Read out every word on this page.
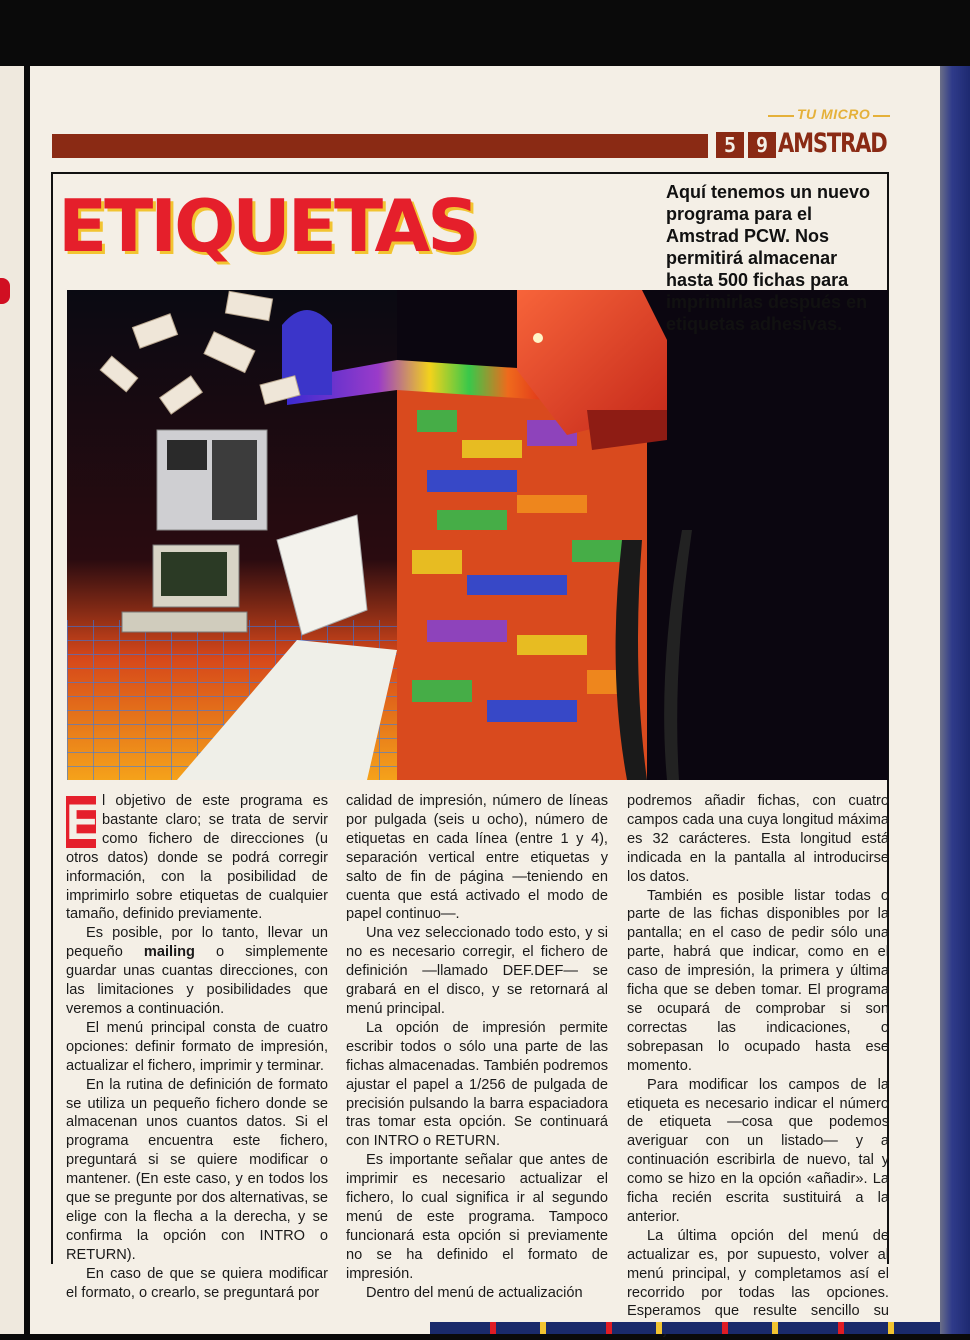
TU MICRO
5 9 AMSTRAD
ETIQUETAS	Aquí tenemos un nuevo programa para el Amstrad PCW. Nos permitirá almacenar hasta 500 fichas para imprimirlas después en etiquetas adhesivas.

E l objetivo de este programa es bastante claro; se trata de servir como fichero de direcciones (u otros datos) donde se podrá corregir información, con la posibilidad de imprimirlo sobre etiquetas de cualquier tamaño, definido previamente.

Es posible, por lo tanto, llevar un pequeño mailing o simplemente guardar unas cuantas direcciones, con las limitaciones y posibilidades que veremos a continuación.

El menú principal consta de cuatro opciones: definir formato de impresión, actualizar el fichero, imprimir y terminar.

En la rutina de definición de formato se utiliza un pequeño fichero donde se almacenan unos cuantos datos. Si el programa encuentra este fichero, preguntará si se quiere modificar o mantener. (En este caso, y en todos los que se pregunte por dos alternativas, se elige con la flecha a la derecha, y se confirma la opción con INTRO o RETURN).

En caso de que se quiera modificar el formato, o crearlo, se preguntará por

calidad de impresión, número de líneas por pulgada (seis u ocho), número de etiquetas en cada línea (entre 1 y 4), separación vertical entre etiquetas y salto de fin de página —teniendo en cuenta que está activado el modo de papel continuo—.

Una vez seleccionado todo esto, y si no es necesario corregir, el fichero de definición —llamado DEF.DEF— se grabará en el disco, y se retornará al menú principal.

La opción de impresión permite escribir todos o sólo una parte de las fichas almacenadas. También podremos ajustar el papel a 1/256 de pulgada de precisión pulsando la barra espaciadora tras tomar esta opción. Se continuará con INTRO o RETURN.

Es importante señalar que antes de imprimir es necesario actualizar el fichero, lo cual significa ir al segundo menú de este programa. Tampoco funcionará esta opción si previamente no se ha definido el formato de impresión.

Dentro del menú de actualización

podremos añadir fichas, con cuatro campos cada una cuya longitud máxima es 32 carácteres. Esta longitud está indicada en la pantalla al introducirse los datos.

También es posible listar todas o parte de las fichas disponibles por la pantalla; en el caso de pedir sólo una parte, habrá que indicar, como en el caso de impresión, la primera y última ficha que se deben tomar. El programa se ocupará de comprobar si son correctas las indicaciones, o sobrepasan lo ocupado hasta ese momento.

Para modificar los campos de la etiqueta es necesario indicar el número de etiqueta —cosa que podemos averiguar con un listado— y a continuación escribirla de nuevo, tal y como se hizo en la opción «añadir». La ficha recién escrita sustituirá a la anterior.

La última opción del menú de actualizar es, por supuesto, volver al menú principal, y completamos así el recorrido por todas las opciones. Esperamos que resulte sencillo su
